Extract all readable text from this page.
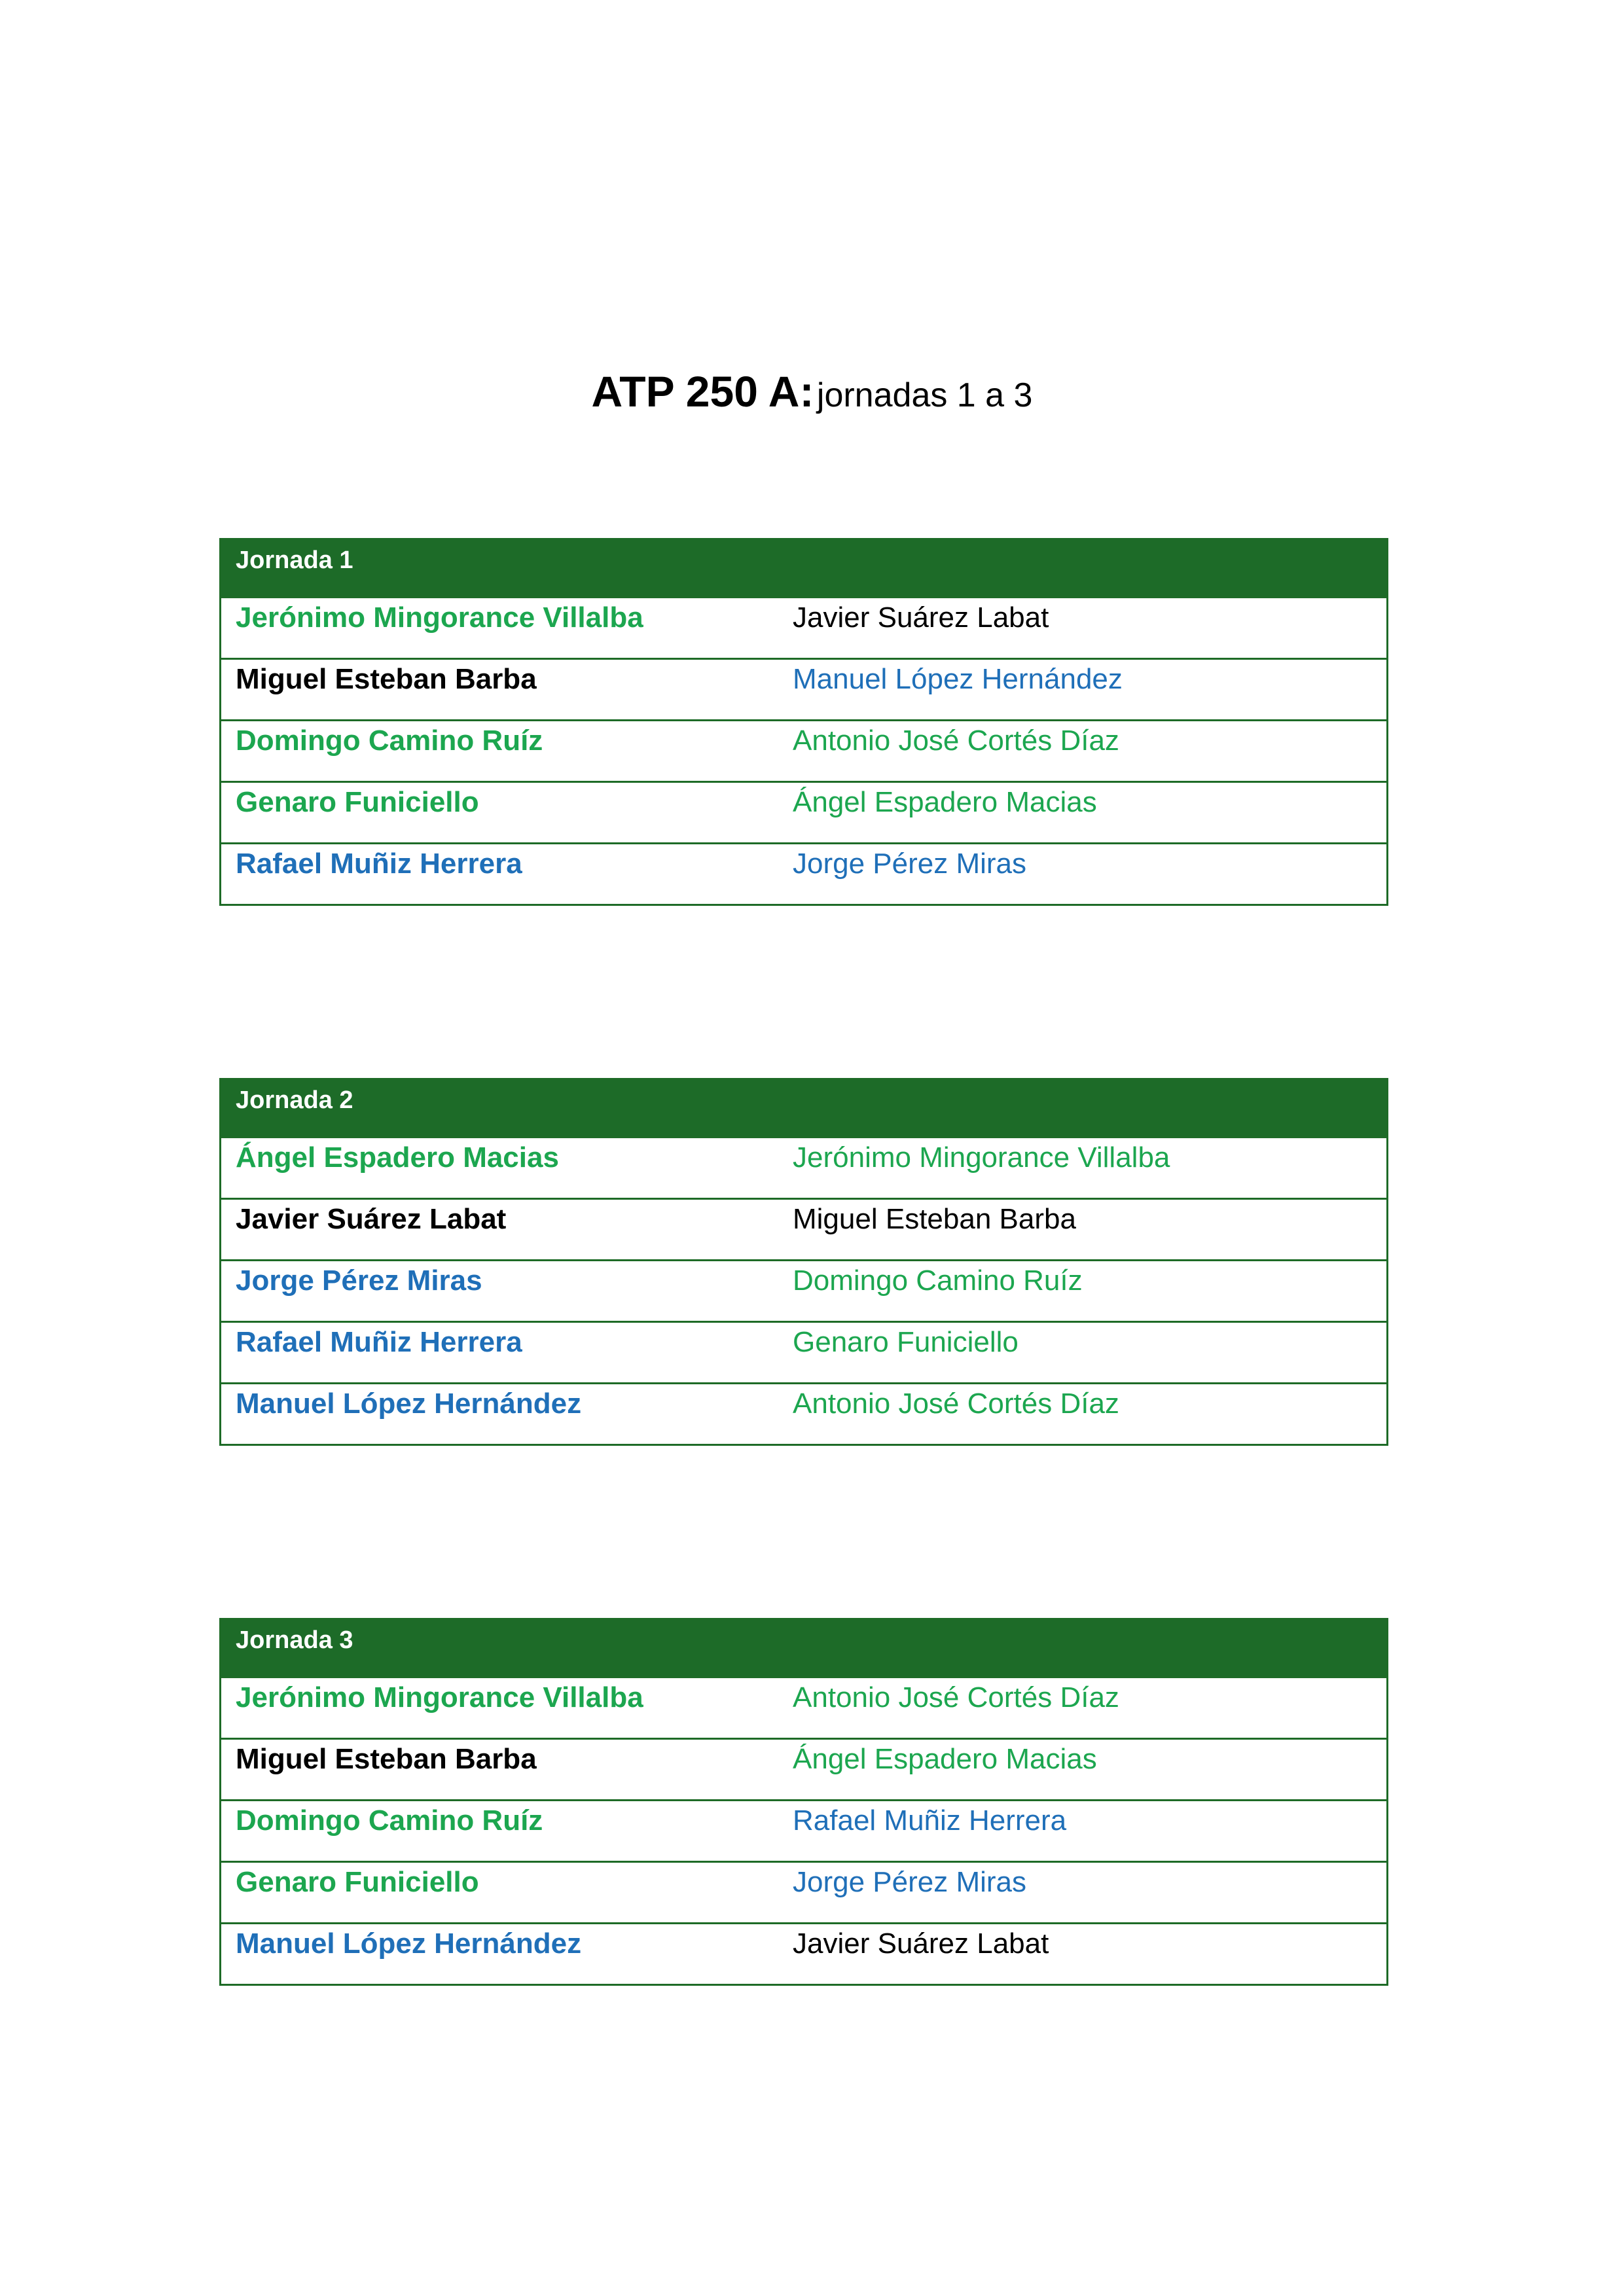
ATP 250 A: jornadas 1 a 3
Jornada 1
Jerónimo Mingorance Villalba	Javier Suárez Labat
Miguel Esteban Barba	Manuel López Hernández
Domingo Camino Ruíz	Antonio José Cortés Díaz
Genaro Funiciello	Ángel Espadero Macias
Rafael Muñiz Herrera	Jorge Pérez Miras
Jornada 2
Ángel Espadero Macias	Jerónimo Mingorance Villalba
Javier Suárez Labat	Miguel Esteban Barba
Jorge Pérez Miras	Domingo Camino Ruíz
Rafael Muñiz Herrera	Genaro Funiciello
Manuel López Hernández	Antonio José Cortés Díaz
Jornada 3
Jerónimo Mingorance Villalba	Antonio José Cortés Díaz
Miguel Esteban Barba	Ángel Espadero Macias
Domingo Camino Ruíz	Rafael Muñiz Herrera
Genaro Funiciello	Jorge Pérez Miras
Manuel López Hernández	Javier Suárez Labat
